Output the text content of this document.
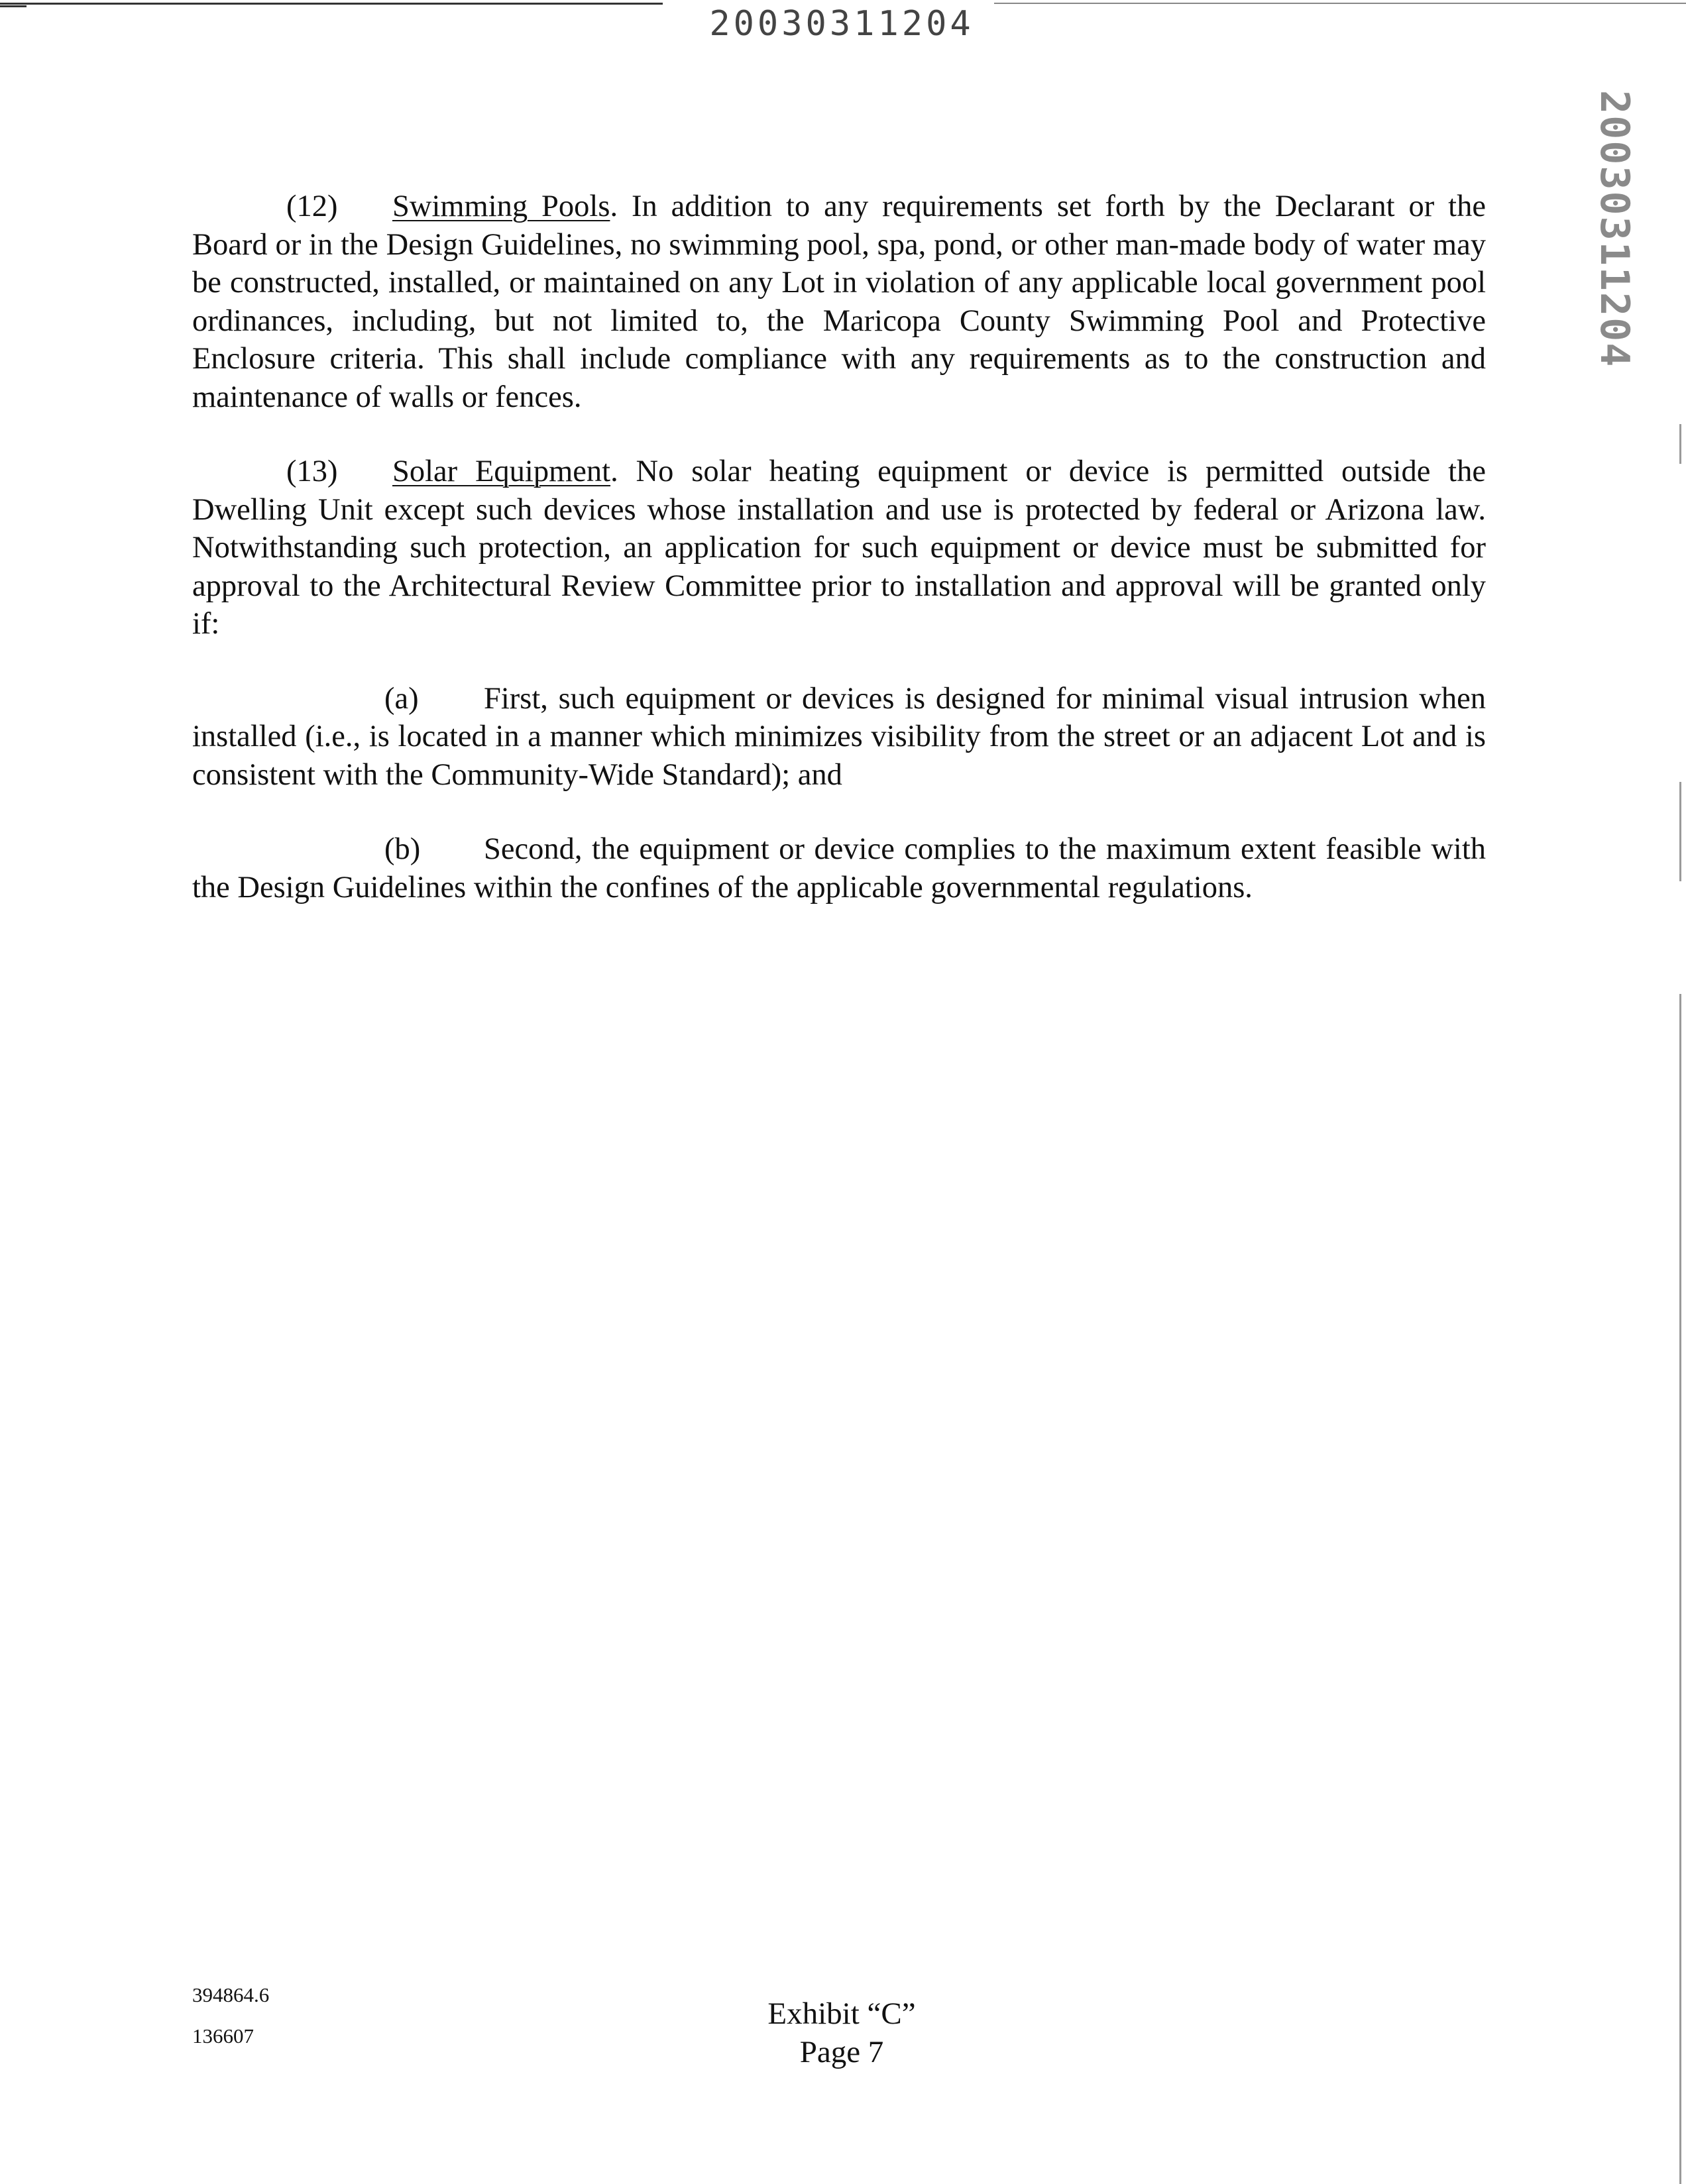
20030311204
20030311204

(12) Swimming Pools. In addition to any requirements set forth by the Declarant or the Board or in the Design Guidelines, no swimming pool, spa, pond, or other man-made body of water may be constructed, installed, or maintained on any Lot in violation of any applicable local government pool ordinances, including, but not limited to, the Maricopa County Swimming Pool and Protective Enclosure criteria. This shall include compliance with any requirements as to the construction and maintenance of walls or fences.

(13) Solar Equipment. No solar heating equipment or device is permitted outside the Dwelling Unit except such devices whose installation and use is protected by federal or Arizona law. Notwithstanding such protection, an application for such equipment or device must be submitted for approval to the Architectural Review Committee prior to installation and approval will be granted only if:

(a) First, such equipment or devices is designed for minimal visual intrusion when installed (i.e., is located in a manner which minimizes visibility from the street or an adjacent Lot and is consistent with the Community-Wide Standard); and

(b) Second, the equipment or device complies to the maximum extent feasible with the Design Guidelines within the confines of the applicable governmental regulations.

394864.6
136607
Exhibit “C”
Page 7
